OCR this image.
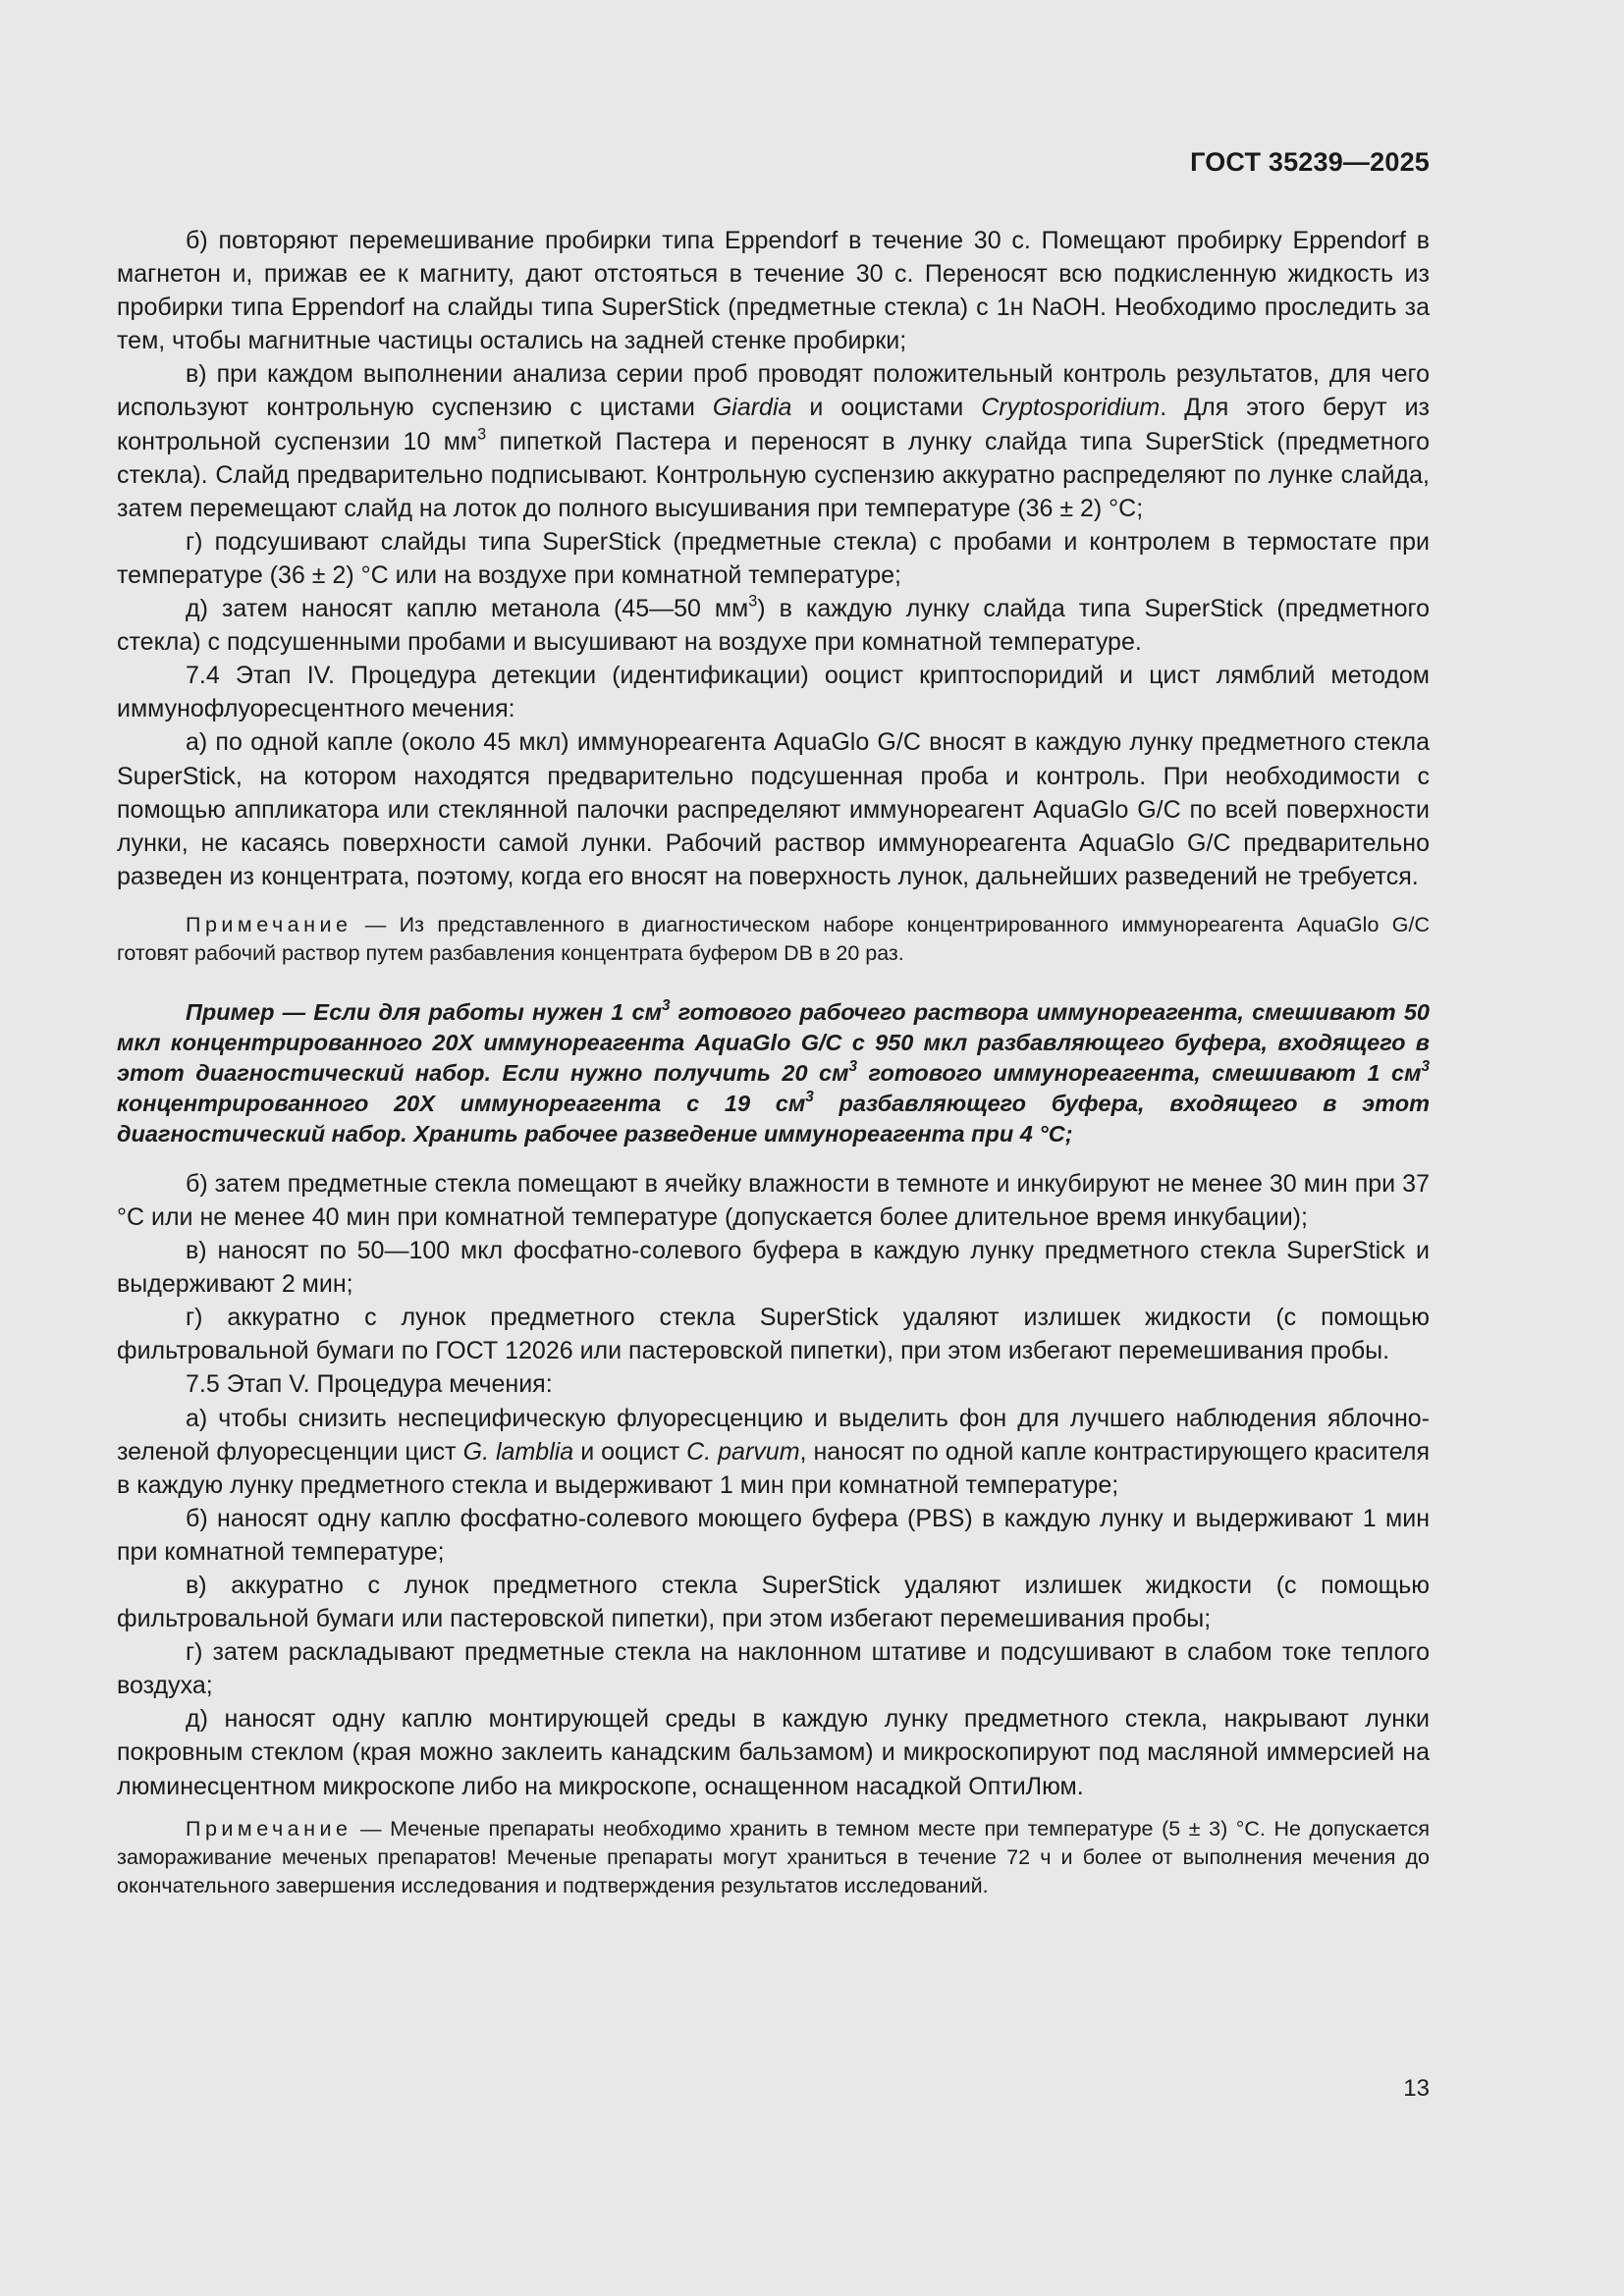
ГОСТ 35239—2025

б) повторяют перемешивание пробирки типа Eppendorf в течение 30 с. Помещают пробирку Eppendorf в магнетон и, прижав ее к магниту, дают отстояться в течение 30 с. Переносят всю подкисленную жидкость из пробирки типа Eppendorf на слайды типа SuperStick (предметные стекла) с 1н NaOH. Необходимо проследить за тем, чтобы магнитные частицы остались на задней стенке пробирки;

в) при каждом выполнении анализа серии проб проводят положительный контроль результатов, для чего используют контрольную суспензию с цистами Giardia и ооцистами Cryptosporidium. Для этого берут из контрольной суспензии 10 $мм^3$ пипеткой Пастера и переносят в лунку слайда типа SuperStick (предметного стекла). Слайд предварительно подписывают. Контрольную суспензию аккуратно распределяют по лунке слайда, затем перемещают слайд на лоток до полного высушивания при температуре (36 ± 2) °С;

г) подсушивают слайды типа SuperStick (предметные стекла) с пробами и контролем в термостате при температуре (36 ± 2) °С или на воздухе при комнатной температуре;

д) затем наносят каплю метанола (45—50 $мм^3$) в каждую лунку слайда типа SuperStick (предметного стекла) с подсушенными пробами и высушивают на воздухе при комнатной температуре.

7.4 Этап IV. Процедура детекции (идентификации) ооцист криптоспоридий и цист лямблий методом иммунофлуоресцентного мечения:

а) по одной капле (около 45 мкл) иммунореагента AquaGlo G/C вносят в каждую лунку предметного стекла SuperStick, на котором находятся предварительно подсушенная проба и контроль. При необходимости с помощью аппликатора или стеклянной палочки распределяют иммунореагент AquaGlo G/C по всей поверхности лунки, не касаясь поверхности самой лунки. Рабочий раствор иммунореагента AquaGlo G/C предварительно разведен из концентрата, поэтому, когда его вносят на поверхность лунок, дальнейших разведений не требуется.

Примечание — Из представленного в диагностическом наборе концентрированного иммунореагента AquaGlo G/C готовят рабочий раствор путем разбавления концентрата буфером DB в 20 раз.

Пример — Если для работы нужен 1 $см^3$ готового рабочего раствора иммунореагента, смешивают 50 мкл концентрированного 20X иммунореагента AquaGlo G/C с 950 мкл разбавляющего буфера, входящего в этот диагностический набор. Если нужно получить 20 $см^3$ готового иммунореагента, смешивают 1 $см^3$ концентрированного 20X иммунореагента с 19 $см^3$ разбавляющего буфера, входящего в этот диагностический набор. Хранить рабочее разведение иммунореагента при 4 °С;

б) затем предметные стекла помещают в ячейку влажности в темноте и инкубируют не менее 30 мин при 37 °С или не менее 40 мин при комнатной температуре (допускается более длительное время инкубации);

в) наносят по 50—100 мкл фосфатно-солевого буфера в каждую лунку предметного стекла SuperStick и выдерживают 2 мин;

г) аккуратно с лунок предметного стекла SuperStick удаляют излишек жидкости (с помощью фильтровальной бумаги по ГОСТ 12026 или пастеровской пипетки), при этом избегают перемешивания пробы.

7.5 Этап V. Процедура мечения:

а) чтобы снизить неспецифическую флуоресценцию и выделить фон для лучшего наблюдения яблочно-зеленой флуоресценции цист G. lamblia и ооцист C. parvum, наносят по одной капле контрастирующего красителя в каждую лунку предметного стекла и выдерживают 1 мин при комнатной температуре;

б) наносят одну каплю фосфатно-солевого моющего буфера (PBS) в каждую лунку и выдерживают 1 мин при комнатной температуре;

в) аккуратно с лунок предметного стекла SuperStick удаляют излишек жидкости (с помощью фильтровальной бумаги или пастеровской пипетки), при этом избегают перемешивания пробы;

г) затем раскладывают предметные стекла на наклонном штативе и подсушивают в слабом токе теплого воздуха;

д) наносят одну каплю монтирующей среды в каждую лунку предметного стекла, накрывают лунки покровным стеклом (края можно заклеить канадским бальзамом) и микроскопируют под масляной иммерсией на люминесцентном микроскопе либо на микроскопе, оснащенном насадкой ОптиЛюм.

Примечание — Меченые препараты необходимо хранить в темном месте при температуре (5 ± 3) °С. Не допускается замораживание меченых препаратов! Меченые препараты могут храниться в течение 72 ч и более от выполнения мечения до окончательного завершения исследования и подтверждения результатов исследований.

13
